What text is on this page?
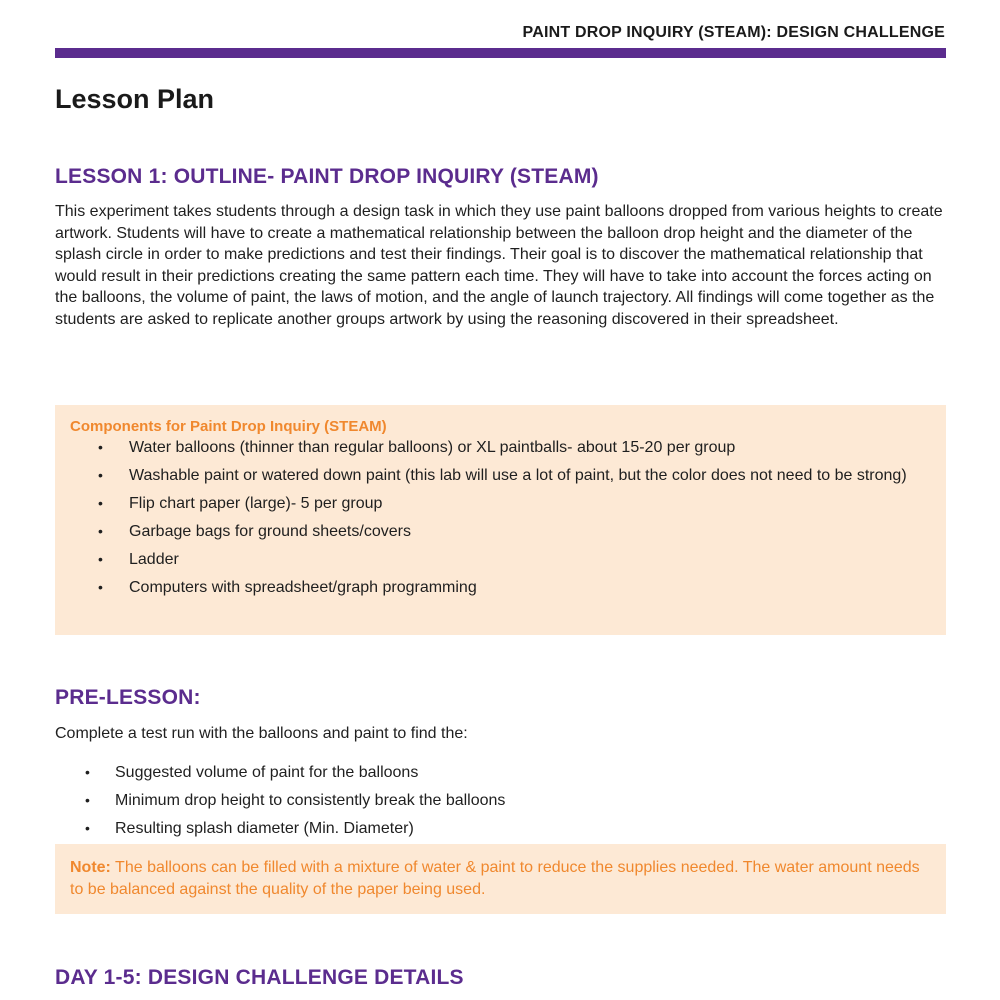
PAINT DROP INQUIRY (STEAM): DESIGN CHALLENGE
Lesson Plan
LESSON 1: OUTLINE- PAINT DROP INQUIRY (STEAM)

This experiment takes students through a design task in which they use paint balloons dropped from various heights to create artwork. Students will have to create a mathematical relationship between the balloon drop height and the diameter of the splash circle in order to make predictions and test their findings. Their goal is to discover the mathematical relationship that would result in their predictions creating the same pattern each time. They will have to take into account the forces acting on the balloons, the volume of paint, the laws of motion, and the angle of launch trajectory. All findings will come together as the students are asked to replicate another groups artwork by using the reasoning discovered in their spreadsheet.

Components for Paint Drop Inquiry (STEAM)
• Water balloons (thinner than regular balloons) or XL paintballs- about 15-20 per group
• Washable paint or watered down paint (this lab will use a lot of paint, but the color does not need to be strong)
• Flip chart paper (large)- 5 per group
• Garbage bags for ground sheets/covers
• Ladder
• Computers with spreadsheet/graph programming
PRE-LESSON:

Complete a test run with the balloons and paint to find the:

• Suggested volume of paint for the balloons
• Minimum drop height to consistently break the balloons
• Resulting splash diameter (Min. Diameter)
Note: The balloons can be filled with a mixture of water & paint to reduce the supplies needed. The water amount needs to be balanced against the quality of the paper being used.
DAY 1-5: DESIGN CHALLENGE DETAILS
